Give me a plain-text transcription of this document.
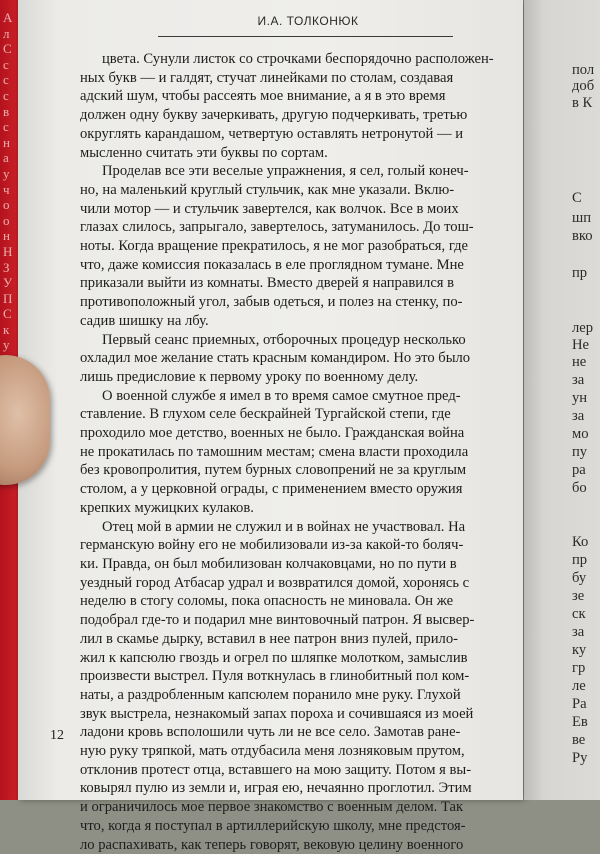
А
л
С
с
с
с
в
с
н
а
у
ч
о
о
н
Н
З
У
П
С
к
у
И.А. ТОЛКОНЮК
цвета. Сунули листок со строчками беспорядочно расположен-
ных букв — и галдят, стучат линейками по столам, создавая
адский шум, чтобы рассеять мое внимание, а я в это время
должен одну букву зачеркивать, другую подчеркивать, третью
округлять карандашом, четвертую оставлять нетронутой — и
мысленно считать эти буквы по сортам.
Проделав все эти веселые упражнения, я сел, голый конеч-
но, на маленький круглый стульчик, как мне указали. Вклю-
чили мотор — и стульчик завертелся, как волчок. Все в моих
глазах слилось, запрыгало, завертелось, затуманилось. До тош-
ноты. Когда вращение прекратилось, я не мог разобраться, где
что, даже комиссия показалась в еле проглядном тумане. Мне
приказали выйти из комнаты. Вместо дверей я направился в
противоположный угол, забыв одеться, и полез на стенку, по-
садив шишку на лбу.
Первый сеанс приемных, отборочных процедур несколько
охладил мое желание стать красным командиром. Но это было
лишь предисловие к первому уроку по военному делу.
О военной службе я имел в то время самое смутное пред-
ставление. В глухом селе бескрайней Тургайской степи, где
проходило мое детство, военных не было. Гражданская война
не прокатилась по тамошним местам; смена власти проходила
без кровопролития, путем бурных словопрений не за круглым
столом, а у церковной ограды, с применением вместо оружия
крепких мужицких кулаков.
Отец мой в армии не служил и в войнах не участвовал. На
германскую войну его не мобилизовали из-за какой-то боляч-
ки. Правда, он был мобилизован колчаковцами, но по пути в
уездный город Атбасар удрал и возвратился домой, хоронясь с
неделю в стогу соломы, пока опасность не миновала. Он же
подобрал где-то и подарил мне винтовочный патрон. Я высвер-
лил в скамье дырку, вставил в нее патрон вниз пулей, прило-
жил к капсюлю гвоздь и огрел по шляпке молотком, замыслив
произвести выстрел. Пуля воткнулась в глинобитный пол ком-
наты, а раздробленным капсюлем поранило мне руку. Глухой
звук выстрела, незнакомый запах пороха и сочившаяся из моей
ладони кровь всполошили чуть ли не все село. Замотав ране-
ную руку тряпкой, мать отдубасила меня лозняковым прутом,
отклонив протест отца, вставшего на мою защиту. Потом я вы-
ковырял пулю из земли и, играя ею, нечаянно проглотил. Этим
и ограничилось мое первое знакомство с военным делом. Так
что, когда я поступал в артиллерийскую школу, мне предстоя-
ло распахивать, как теперь говорят, вековую целину военного
12
пол
доб
в К
С
шп
вко
пр
лер
Не
не
за
ун
за
мо
пу
ра
бо
Ко
пр
бу
зе
ск
за
ку
гр
ле
Ра
Ев
ве
Ру
